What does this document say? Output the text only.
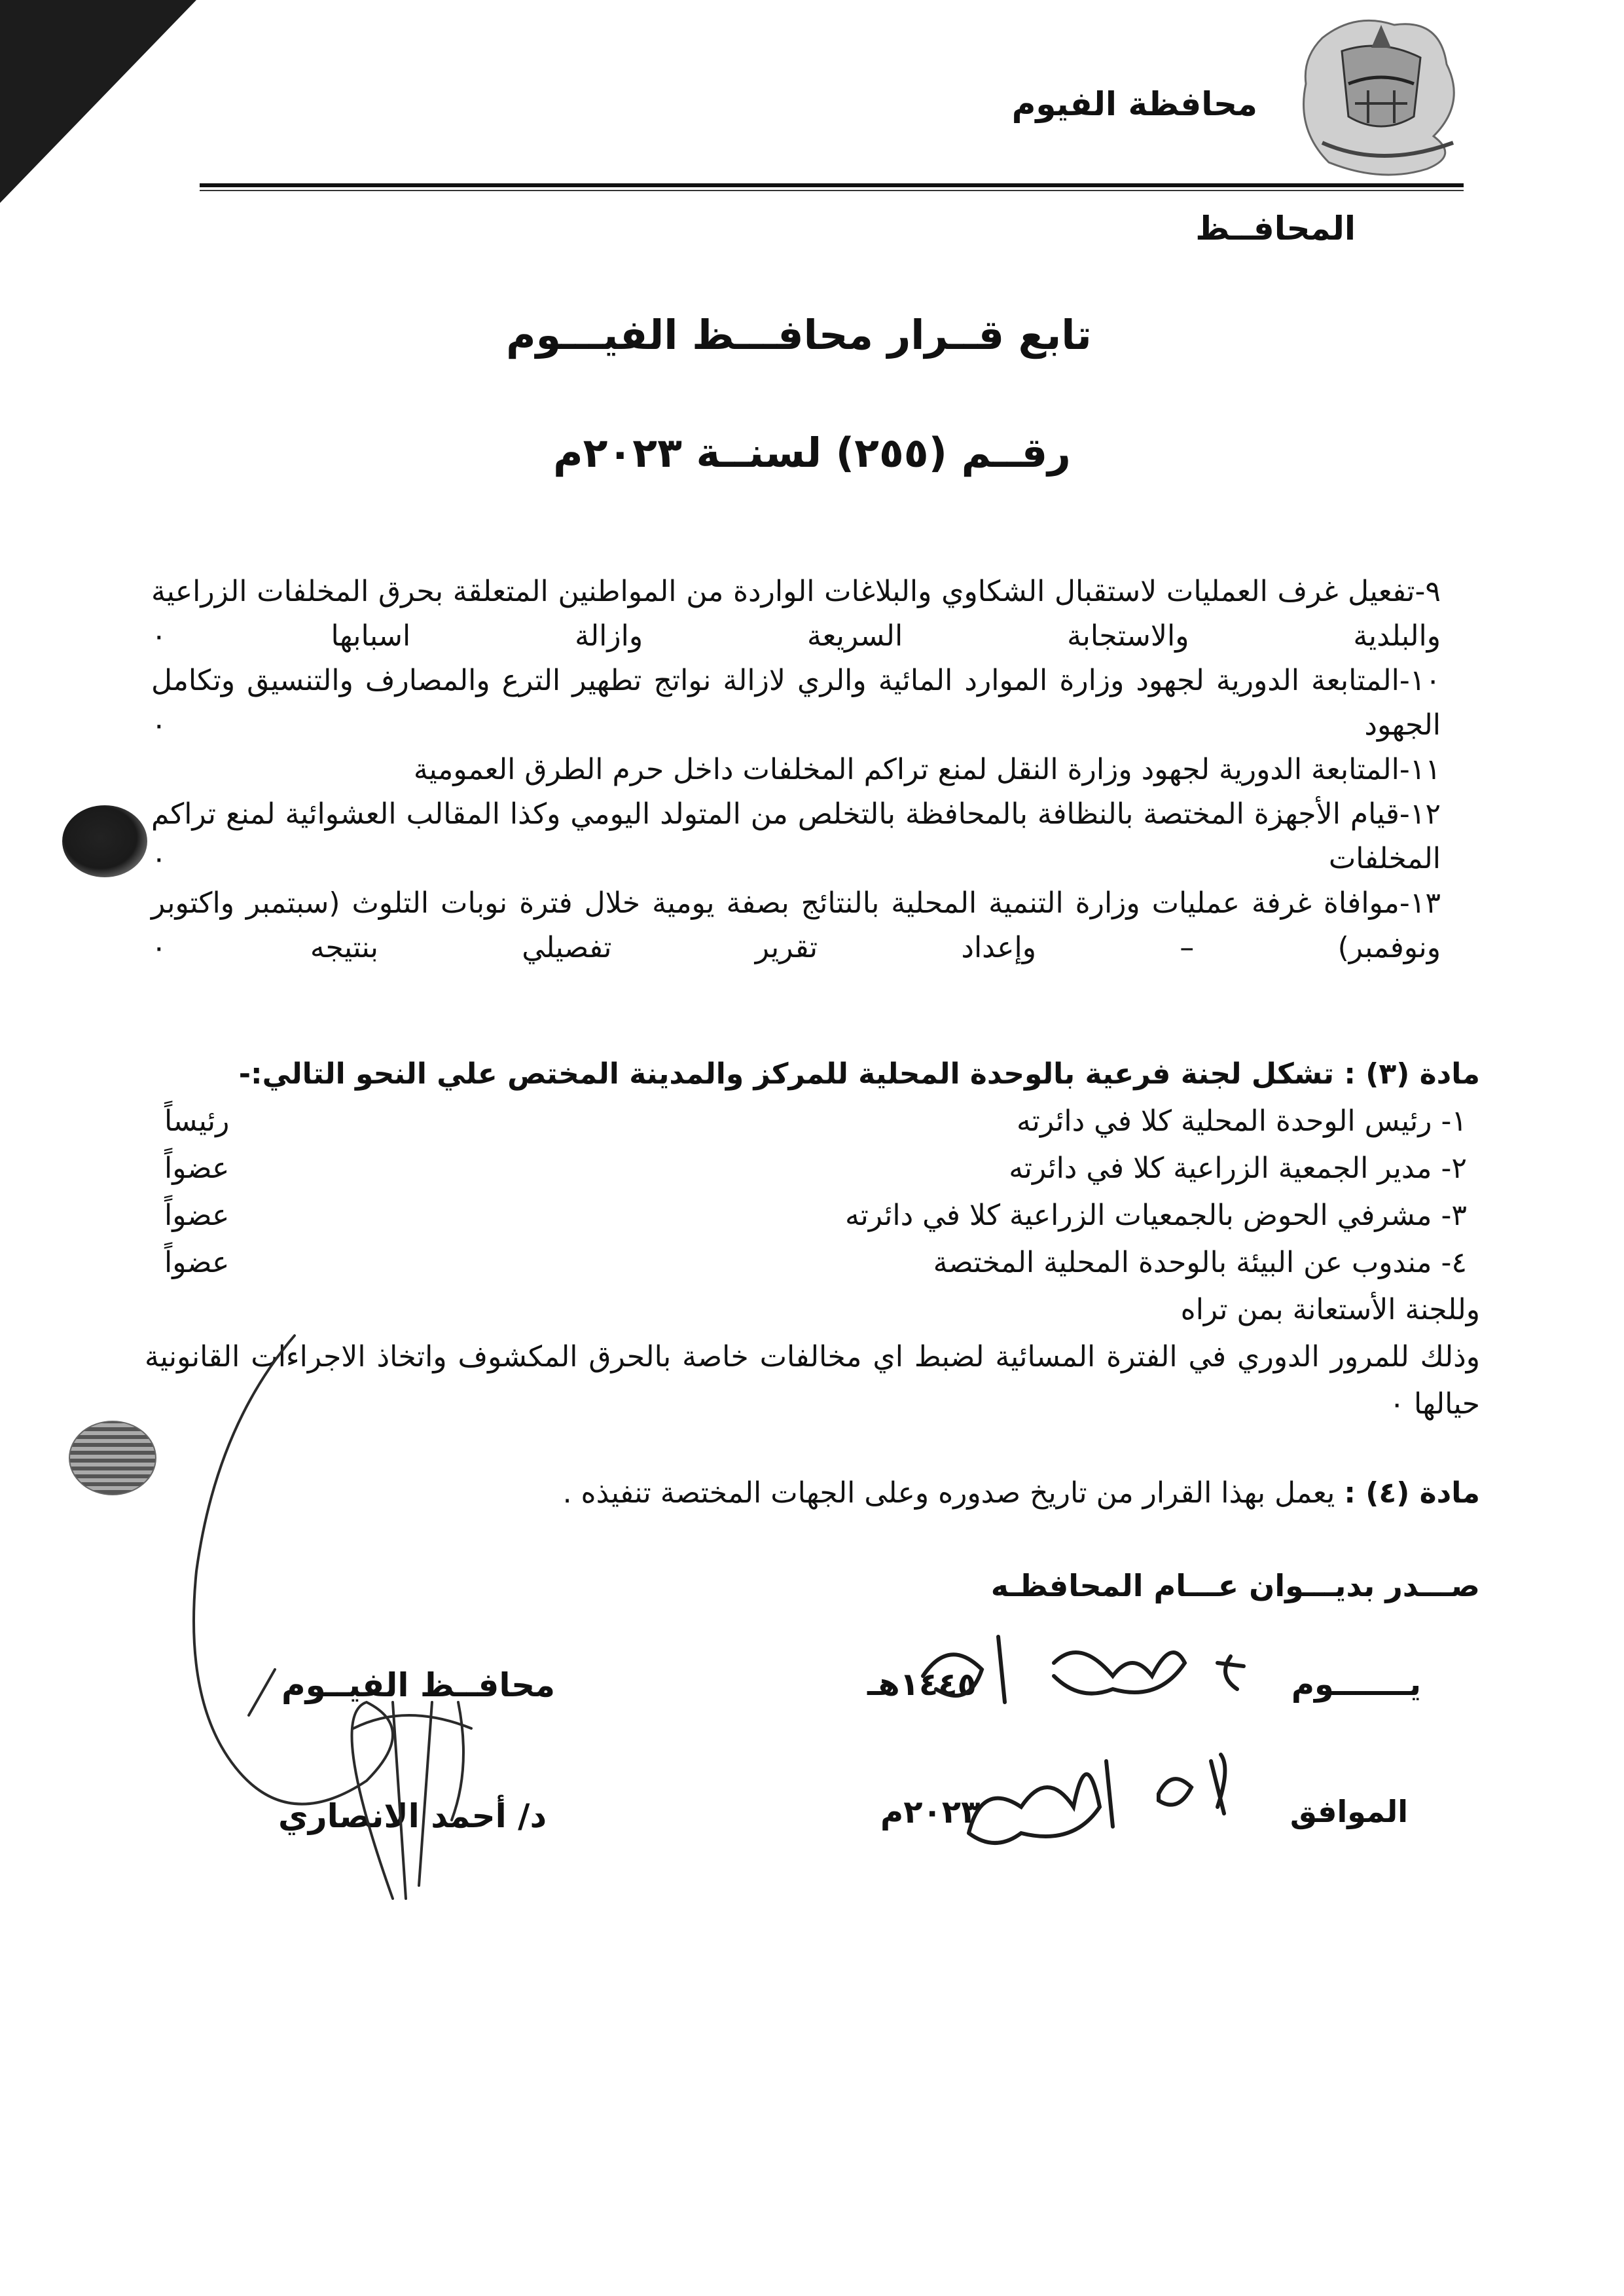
محافظة الفيوم
المحافــظ
تابع قــرار محافـــظ الفيـــوم
رقــم (٢٥٥) لسنــة ٢٠٢٣م

٩-تفعيل غرف العمليات لاستقبال الشكاوي والبلاغات الواردة من المواطنين المتعلقة بحرق المخلفات الزراعية والبلدية والاستجابة السريعة وازالة اسبابها ٠

١٠-المتابعة الدورية لجهود وزارة الموارد المائية والري لازالة نواتج تطهير الترع والمصارف والتنسيق وتكامل الجهود ٠

١١-المتابعة الدورية لجهود وزارة النقل لمنع تراكم المخلفات داخل حرم الطرق العمومية

١٢-قيام الأجهزة المختصة بالنظافة بالمحافظة بالتخلص من المتولد اليومي وكذا المقالب العشوائية لمنع تراكم المخلفات ٠

١٣-موافاة غرفة عمليات وزارة التنمية المحلية بالنتائج بصفة يومية خلال فترة نوبات التلوث (سبتمبر واكتوبر ونوفمبر) – وإعداد تقرير تفصيلي بنتيجه ٠

مادة (٣) : تشكل لجنة فرعية بالوحدة المحلية للمركز والمدينة المختص علي النحو التالي:-
١- رئيس الوحدة المحلية كلا في دائرته
رئيساً
٢- مدير الجمعية الزراعية كلا في دائرته
عضواً
٣- مشرفي الحوض بالجمعيات الزراعية كلا في دائرته
عضواً
٤- مندوب عن البيئة بالوحدة المحلية المختصة
عضواً
وللجنة الأستعانة بمن تراه
وذلك للمرور الدوري في الفترة المسائية لضبط اي مخالفات خاصة بالحرق المكشوف واتخاذ الاجراءات القانونية حيالها ٠
مادة (٤) : يعمل بهذا القرار من تاريخ صدوره وعلى الجهات المختصة تنفيذه .
صـــدر بديـــوان عـــام المحافظـه
يـــــــوم
١٤٤٥هـ
الموافق
٢٠٢٣م
محافــظ الفيــوم
د/ أحمد الانصاري
